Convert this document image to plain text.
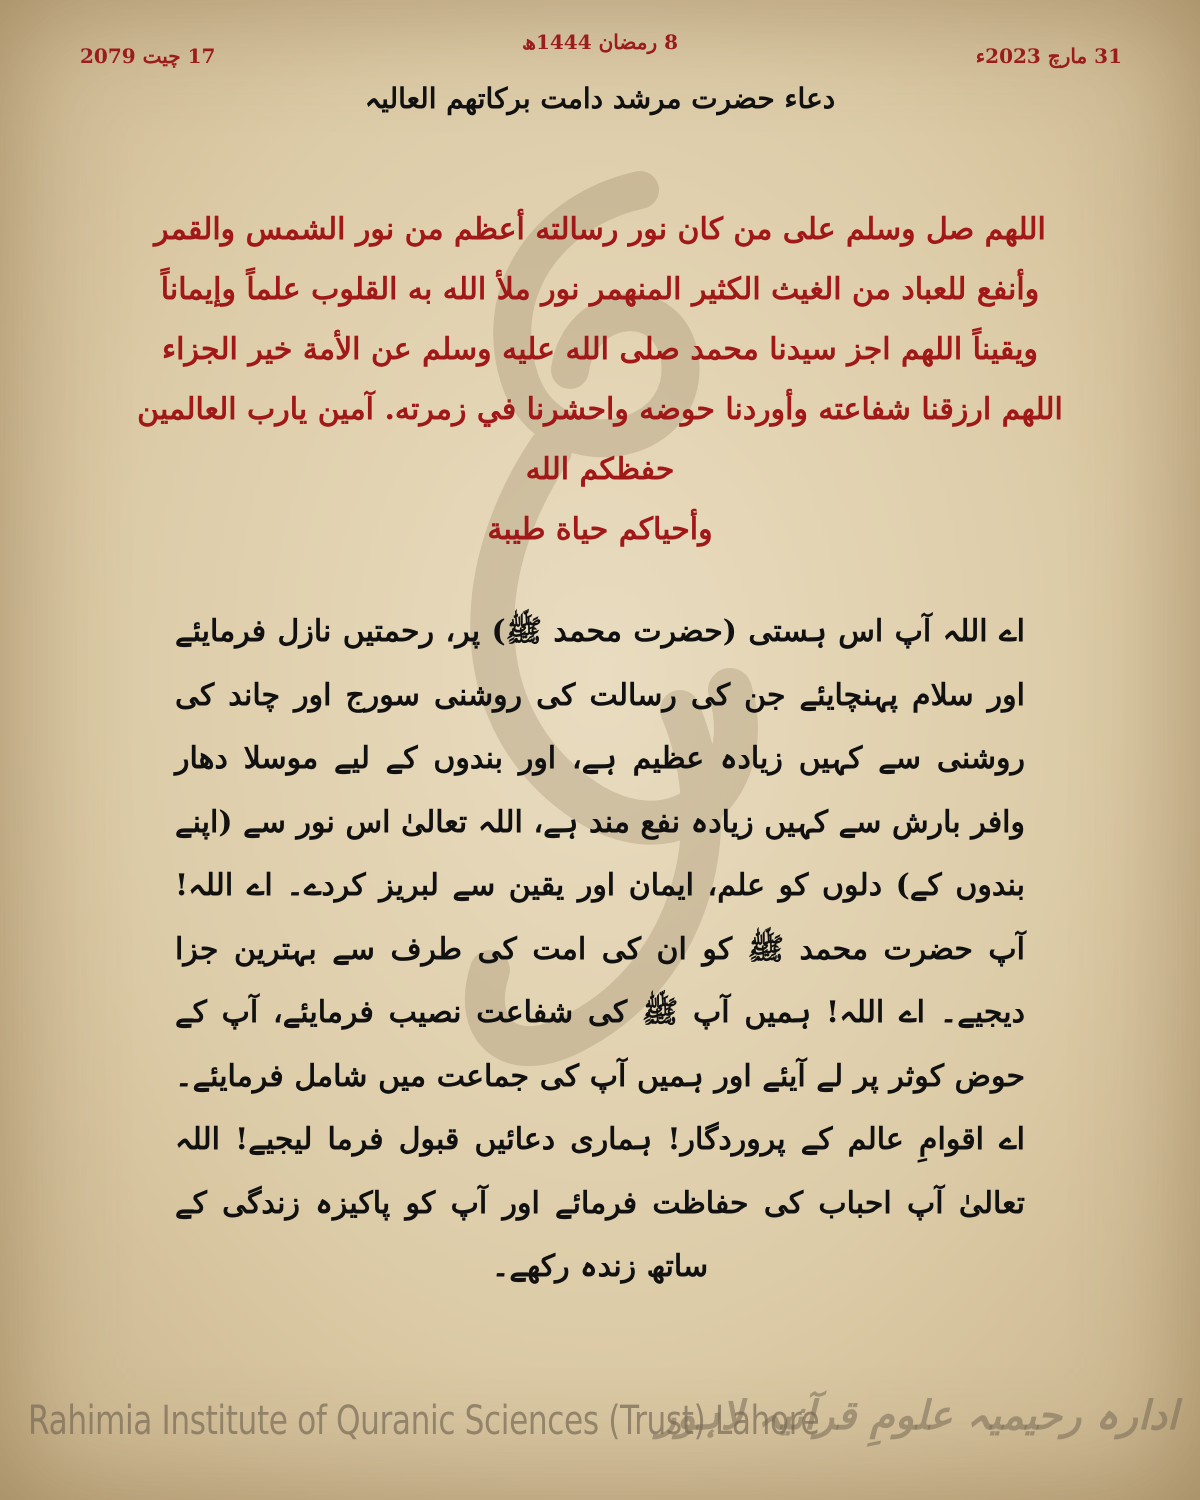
8 رمضان 1444ھ
31 مارچ 2023ء
17 چیت 2079
دعاء حضرت مرشد دامت برکاتھم العالیہ

اللهم صل وسلم على من كان نور رسالته أعظم من نور الشمس والقمر

وأنفع للعباد من الغيث الكثير المنهمر نور ملأ الله به القلوب علماً وإيماناً

ويقيناً اللهم اجز سيدنا محمد صلى الله عليه وسلم عن الأمة خير الجزاء

اللهم ارزقنا شفاعته وأوردنا حوضه واحشرنا في زمرته. آمين يارب العالمين حفظكم الله

وأحياكم حياة طيبة

اے اللہ آپ اس ہستی (حضرت محمد ﷺ) پر، رحمتیں نازل فرمایئے اور سلام پہنچایئے جن کی رسالت کی روشنی سورج اور چاند کی روشنی سے کہیں زیادہ عظیم ہے، اور بندوں کے لیے موسلا دھار وافر بارش سے کہیں زیادہ نفع مند ہے، اللہ تعالیٰ اس نور سے (اپنے بندوں کے) دلوں کو علم، ایمان اور یقین سے لبریز کردے۔ اے اللہ! آپ حضرت محمد ﷺ کو ان کی امت کی طرف سے بہترین جزا دیجیے۔ اے اللہ! ہمیں آپ ﷺ کی شفاعت نصیب فرمایئے، آپ کے حوض کوثر پر لے آیئے اور ہمیں آپ کی جماعت میں شامل فرمایئے۔ اے اقوامِ عالم کے پروردگار! ہماری دعائیں قبول فرما لیجیے! اللہ تعالیٰ آپ احباب کی حفاظت فرمائے اور آپ کو پاکیزہ زندگی کے ساتھ زندہ رکھے۔
Rahimia Institute of Quranic Sciences (Trust) Lahore
ادارہ رحیمیہ علومِ قرآنیہ لاہور
